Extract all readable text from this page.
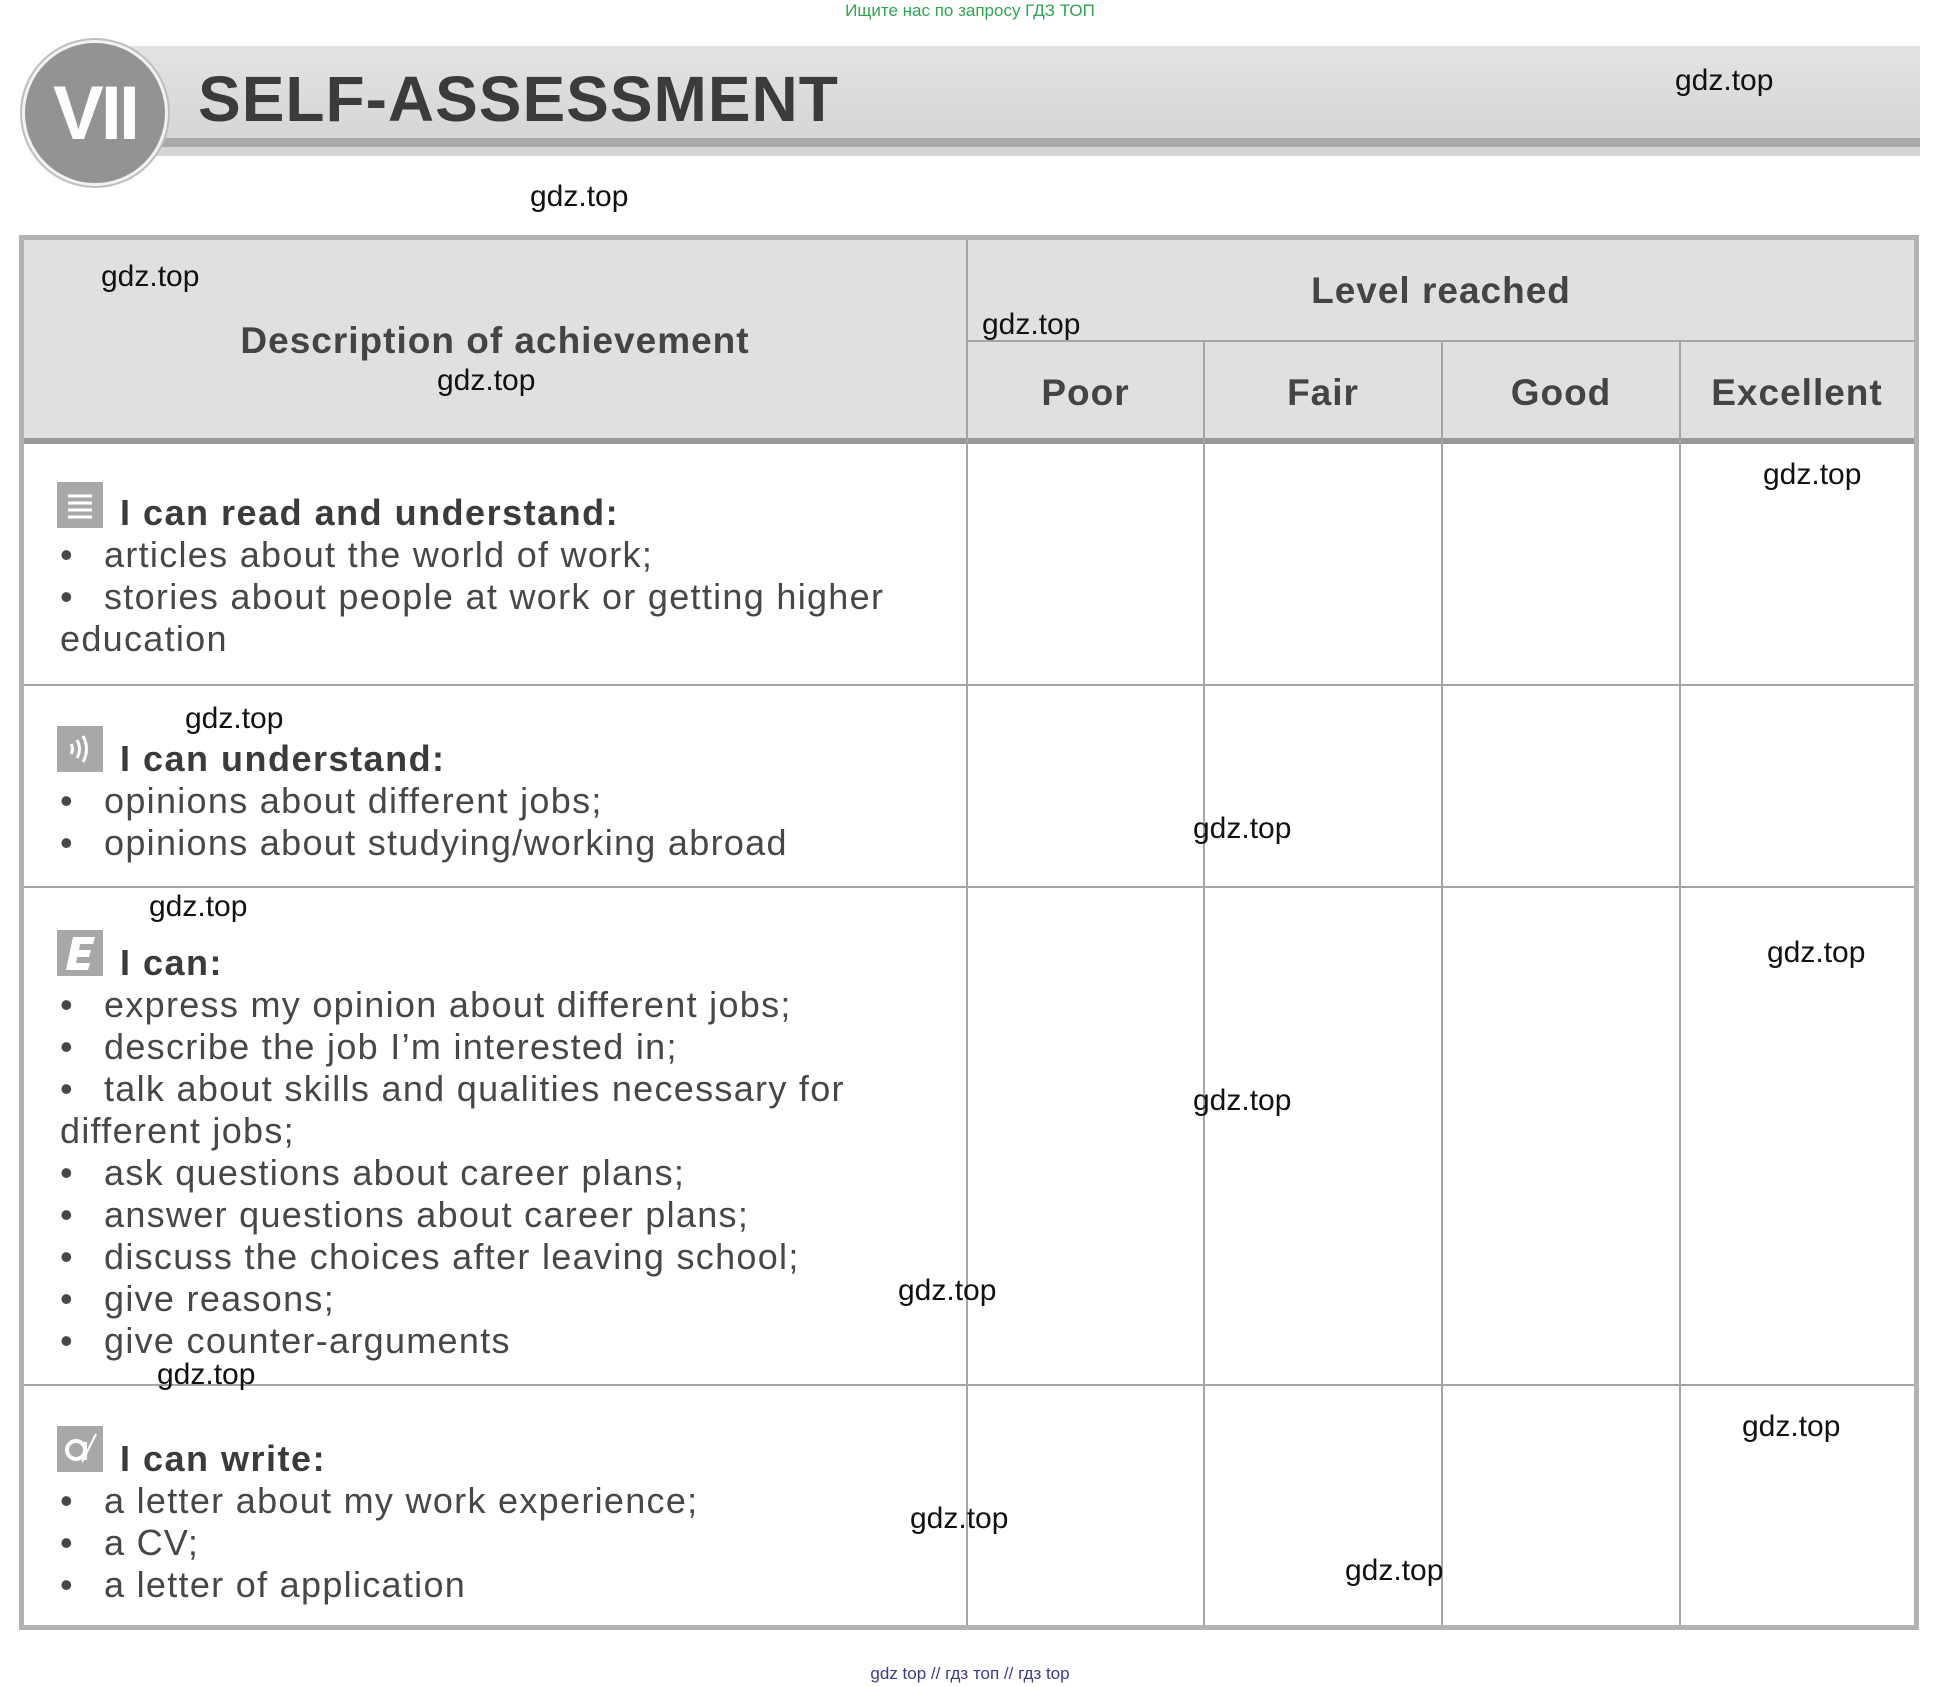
Ищите нас по запросу ГДЗ ТОП
VII SELF-ASSESSMENT
Description of achievement
Level reached
Poor	Fair	Good	Excellent
I can read and understand:
• articles about the world of work;
• stories about people at work or getting higher education
I can understand:
• opinions about different jobs;
• opinions about studying/working abroad
I can:
• express my opinion about different jobs;
• describe the job I’m interested in;
• talk about skills and qualities necessary for different jobs;
• ask questions about career plans;
• answer questions about career plans;
• discuss the choices after leaving school;
• give reasons;
• give counter-arguments
I can write:
• a letter about my work experience;
• a CV;
• a letter of application
gdz.top
gdz.top
gdz.top
gdz.top
gdz.top
gdz.top
gdz.top
gdz.top
gdz.top
gdz.top
gdz.top
gdz.top
gdz.top
gdz.top
gdz.top
gdz.top
gdz top // гдз топ // гдз top
